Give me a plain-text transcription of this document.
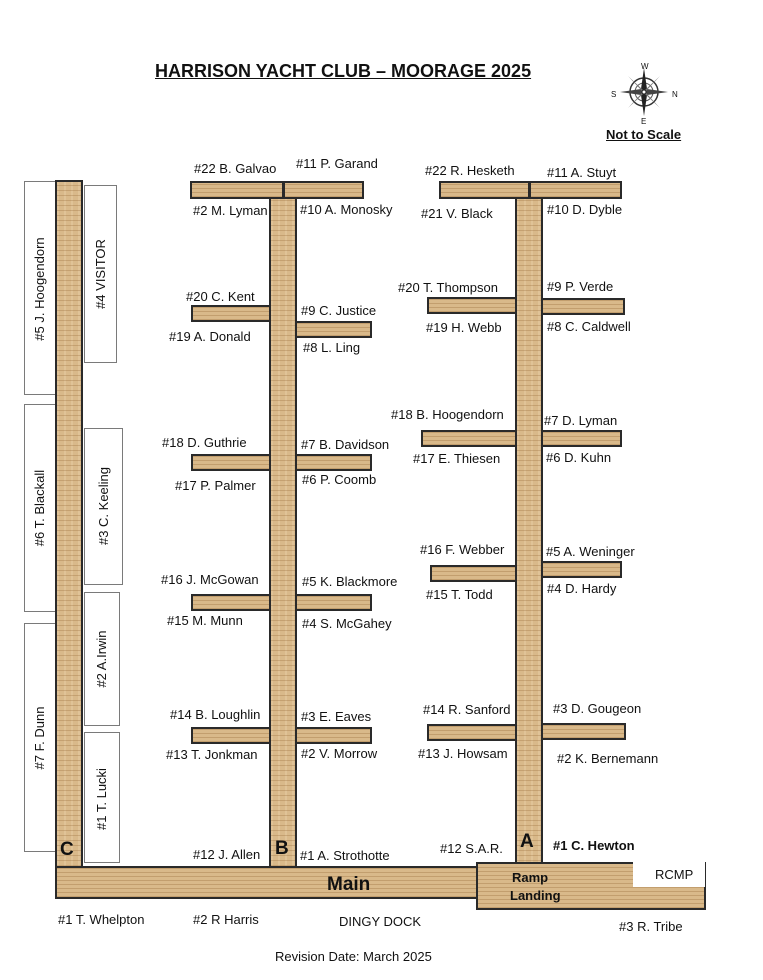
HARRISON YACHT CLUB – MOORAGE 2025	W
E
S	N
Not to Scale
#5 J. Hoogendorn
#6 T. Blackall
#7 F. Dunn
#4 VISITOR
#3 C. Keeling
#2 A.Irwin
#1 T. Lucki
C
#22 B. Galvao #11 P. Garand
#2 M. Lyman #10 A. Monosky
#20 C. Kent
#9 C. Justice
#19 A. Donald
#8 L. Ling
#18 D. Guthrie	#7 B. Davidson
#17 P. Palmer	#6 P. Coomb
#16 J. McGowan	#5 K. Blackmore
#15 M. Munn	#4 S. McGahey
#14 B. Loughlin	#3 E. Eaves
#13 T. Jonkman	#2 V. Morrow
#12 J. Allen	#1 A. Strothotte
B
#22 R. Hesketh #11 A. Stuyt
#21 V. Black	#10 D. Dyble
#20 T. Thompson	#9 P. Verde
#19 H. Webb	#8 C. Caldwell
#18 B. Hoogendorn	#7 D. Lyman
#17 E. Thiesen	#6 D. Kuhn
#16 F. Webber	#5 A. Weninger
#15 T. Todd	#4 D. Hardy
#14 R. Sanford	#3 D. Gougeon
#13 J. Howsam	#2 K. Bernemann
#12 S.A.R.	#1 C. Hewton
A
Main	RCMP
Ramp
Landing
#1 T. Whelpton	#2 R Harris	DINGY DOCK	#3 R. Tribe
Revision Date: March 2025
